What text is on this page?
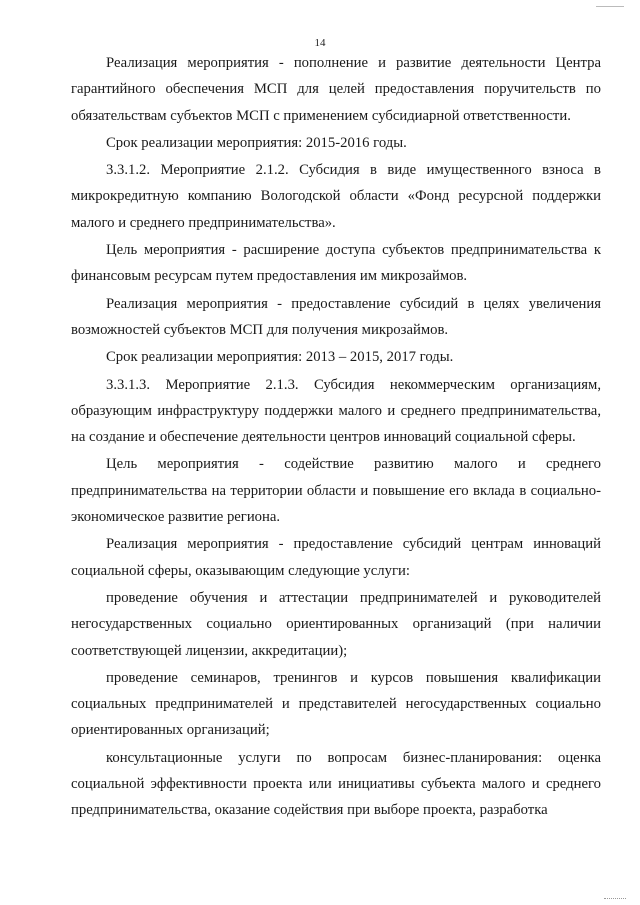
14

Реализация мероприятия - пополнение и развитие деятельности Центра гарантийного обеспечения МСП для целей предоставления поручительств по обязательствам субъектов МСП с применением субсидиарной ответственности.

Срок реализации мероприятия: 2015-2016 годы.

3.3.1.2. Мероприятие 2.1.2. Субсидия в виде имущественного взноса в микрокредитную компанию Вологодской области «Фонд ресурсной поддержки малого и среднего предпринимательства».

Цель мероприятия - расширение доступа субъектов предпринимательства к финансовым ресурсам путем предоставления им микрозаймов.

Реализация мероприятия - предоставление субсидий в целях увеличения возможностей субъектов МСП для получения микрозаймов.

Срок реализации мероприятия: 2013 – 2015, 2017 годы.

3.3.1.3. Мероприятие 2.1.3. Субсидия некоммерческим организациям, образующим инфраструктуру поддержки малого и среднего предпринимательства, на создание и обеспечение деятельности центров инноваций социальной сферы.

Цель мероприятия - содействие развитию малого и среднего предпринимательства на территории области и повышение его вклада в социально-экономическое развитие региона.

Реализация мероприятия - предоставление субсидий центрам инноваций социальной сферы, оказывающим следующие услуги:

проведение обучения и аттестации предпринимателей и руководителей негосударственных социально ориентированных организаций (при наличии соответствующей лицензии, аккредитации);

проведение семинаров, тренингов и курсов повышения квалификации социальных предпринимателей и представителей негосударственных социально ориентированных организаций;

консультационные услуги по вопросам бизнес-планирования: оценка социальной эффективности проекта или инициативы субъекта малого и среднего предпринимательства, оказание содействия при выборе проекта, разработка
